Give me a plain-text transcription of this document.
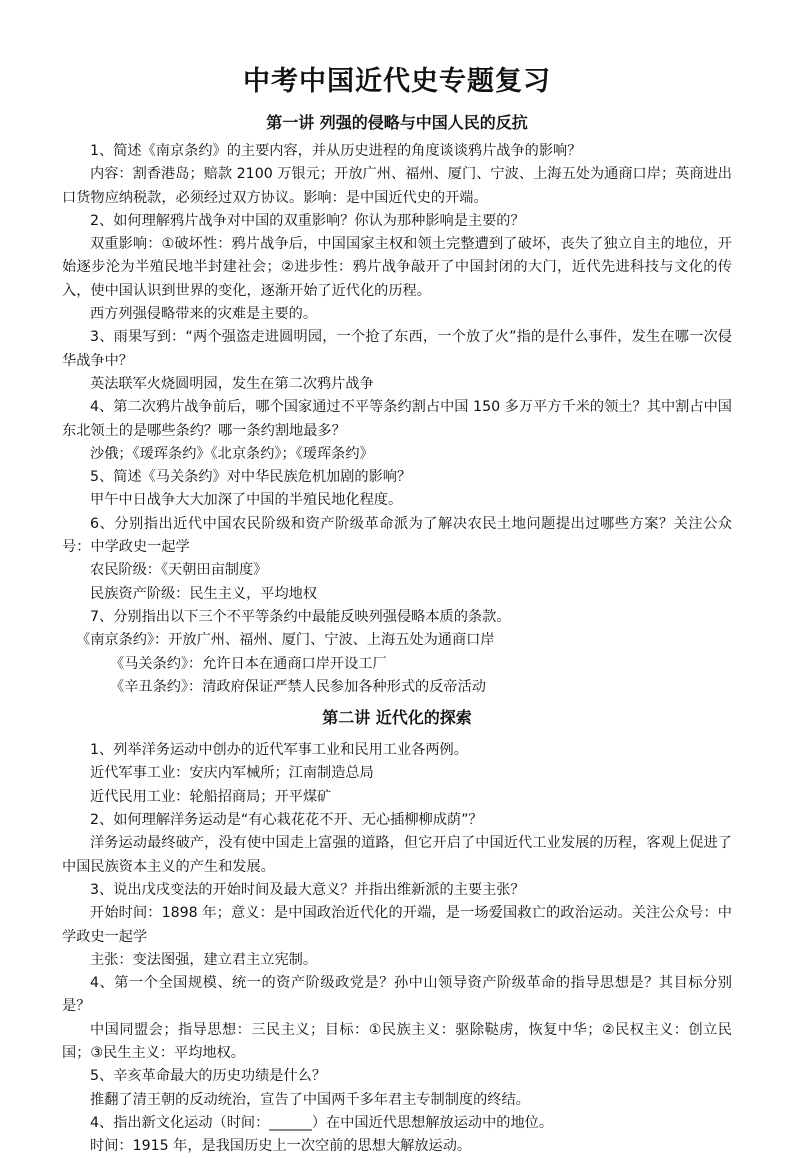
中考中国近代史专题复习
第一讲 列强的侵略与中国人民的反抗

1、简述《南京条约》的主要内容，并从历史进程的角度谈谈鸦片战争的影响？

内容：割香港岛；赔款 2100 万银元；开放广州、福州、厦门、宁波、上海五处为通商口岸；英商进出口货物应纳税款，必须经过双方协议。影响：是中国近代史的开端。

2、如何理解鸦片战争对中国的双重影响？你认为那种影响是主要的？

双重影响：①破坏性：鸦片战争后，中国国家主权和领土完整遭到了破坏，丧失了独立自主的地位，开始逐步沦为半殖民地半封建社会；②进步性：鸦片战争敲开了中国封闭的大门，近代先进科技与文化的传入，使中国认识到世界的变化，逐渐开始了近代化的历程。

西方列强侵略带来的灾难是主要的。

3、雨果写到：“两个强盗走进圆明园，一个抢了东西，一个放了火”指的是什么事件，发生在哪一次侵华战争中？

英法联军火烧圆明园，发生在第二次鸦片战争

4、第二次鸦片战争前后，哪个国家通过不平等条约割占中国 150 多万平方千米的领土？其中割占中国东北领土的是哪些条约？哪一条约割地最多？

沙俄；《瑷珲条约》《北京条约》；《瑷珲条约》

5、简述《马关条约》对中华民族危机加剧的影响？

甲午中日战争大大加深了中国的半殖民地化程度。

6、分别指出近代中国农民阶级和资产阶级革命派为了解决农民土地问题提出过哪些方案？关注公众号：中学政史一起学

农民阶级：《天朝田亩制度》

民族资产阶级：民生主义，平均地权

7、分别指出以下三个不平等条约中最能反映列强侵略本质的条款。

《南京条约》：开放广州、福州、厦门、宁波、上海五处为通商口岸

《马关条约》：允许日本在通商口岸开设工厂

《辛丑条约》：清政府保证严禁人民参加各种形式的反帝活动

第二讲 近代化的探索

1、列举洋务运动中创办的近代军事工业和民用工业各两例。

近代军事工业：安庆内军械所；江南制造总局

近代民用工业：轮船招商局；开平煤矿

2、如何理解洋务运动是“有心栽花花不开、无心插柳柳成荫”？

洋务运动最终破产，没有使中国走上富强的道路，但它开启了中国近代工业发展的历程，客观上促进了中国民族资本主义的产生和发展。

3、说出戊戌变法的开始时间及最大意义？并指出维新派的主要主张？

开始时间：1898 年；意义：是中国政治近代化的开端，是一场爱国救亡的政治运动。关注公众号：中学政史一起学

主张：变法图强，建立君主立宪制。

4、第一个全国规模、统一的资产阶级政党是？孙中山领导资产阶级革命的指导思想是？其目标分别是？

中国同盟会；指导思想：三民主义；目标：①民族主义：驱除鞑虏，恢复中华；②民权主义：创立民国；③民生主义：平均地权。

5、辛亥革命最大的历史功绩是什么？

推翻了清王朝的反动统治，宣告了中国两千多年君主专制制度的终结。

4、指出新文化运动（时间：______）在中国近代思想解放运动中的地位。

时间：1915 年，是我国历史上一次空前的思想大解放运动。
